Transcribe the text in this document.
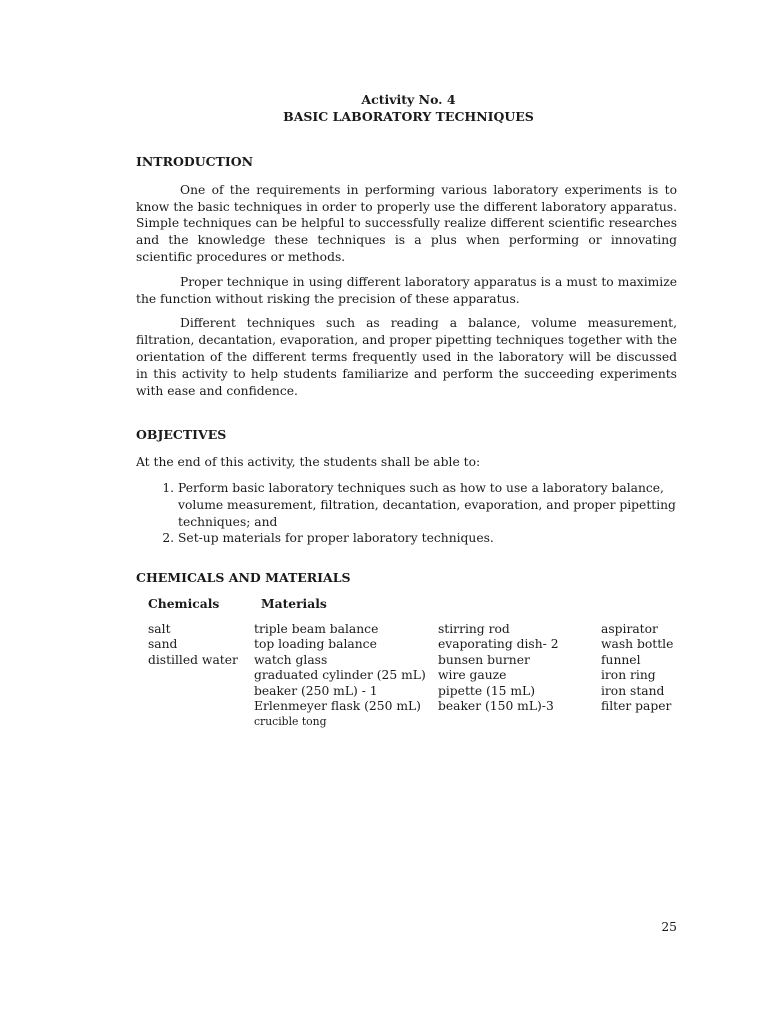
Activity No. 4
BASIC LABORATORY TECHNIQUES
INTRODUCTION

One of the requirements in performing various laboratory experiments is to know the basic techniques in order to properly use the different laboratory apparatus. Simple techniques can be helpful to successfully realize different scientific researches and the knowledge these techniques is a plus when performing or innovating scientific procedures or methods.

Proper technique in using different laboratory apparatus is a must to maximize the function without risking the precision of these apparatus.

Different techniques such as reading a balance, volume measurement, filtration, decantation, evaporation, and proper pipetting techniques together with the orientation of the different terms frequently used in the laboratory will be discussed in this activity to help students familiarize and perform the succeeding experiments with ease and confidence.

OBJECTIVES

At the end of this activity, the students shall be able to:

1. Perform basic laboratory techniques such as how to use a laboratory balance, volume measurement, filtration, decantation, evaporation, and proper pipetting techniques; and
2. Set-up materials for proper laboratory techniques.
CHEMICALS AND MATERIALS
Chemicals	Materials
salt
sand
distilled water
triple beam balance
top loading balance
watch glass
graduated cylinder (25 mL)
beaker (250 mL) - 1
Erlenmeyer flask (250 mL)
crucible tong
stirring rod
evaporating dish- 2
bunsen burner
wire gauze
pipette (15 mL)
beaker (150 mL)-3
aspirator
wash bottle
funnel
iron ring
iron stand
filter paper
25
